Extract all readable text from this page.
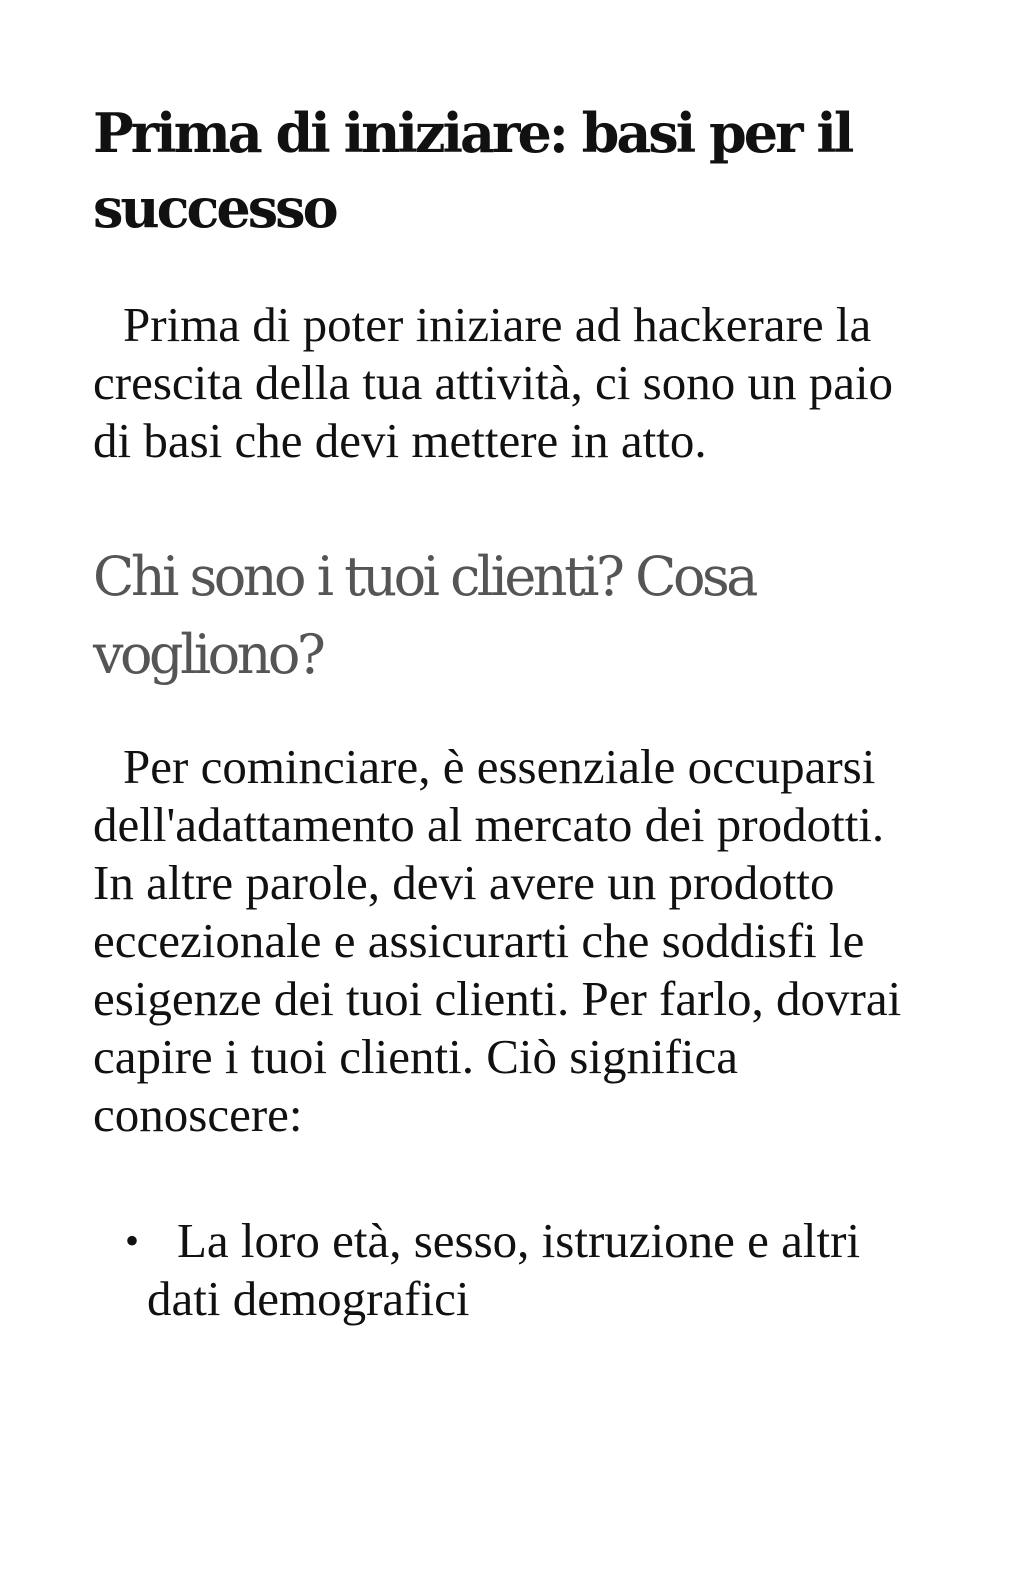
Prima di iniziare: basi per il successo

Prima di poter iniziare ad hackerare la crescita della tua attività, ci sono un paio di basi che devi mettere in atto.

Chi sono i tuoi clienti? Cosa vogliono?

Per cominciare, è essenziale occuparsi dell'adattamento al mercato dei prodotti. In altre parole, devi avere un prodotto eccezionale e assicurarti che soddisfi le esigenze dei tuoi clienti. Per farlo, dovrai capire i tuoi clienti. Ciò significa conoscere:

• La loro età, sesso, istruzione e altri dati demografici
